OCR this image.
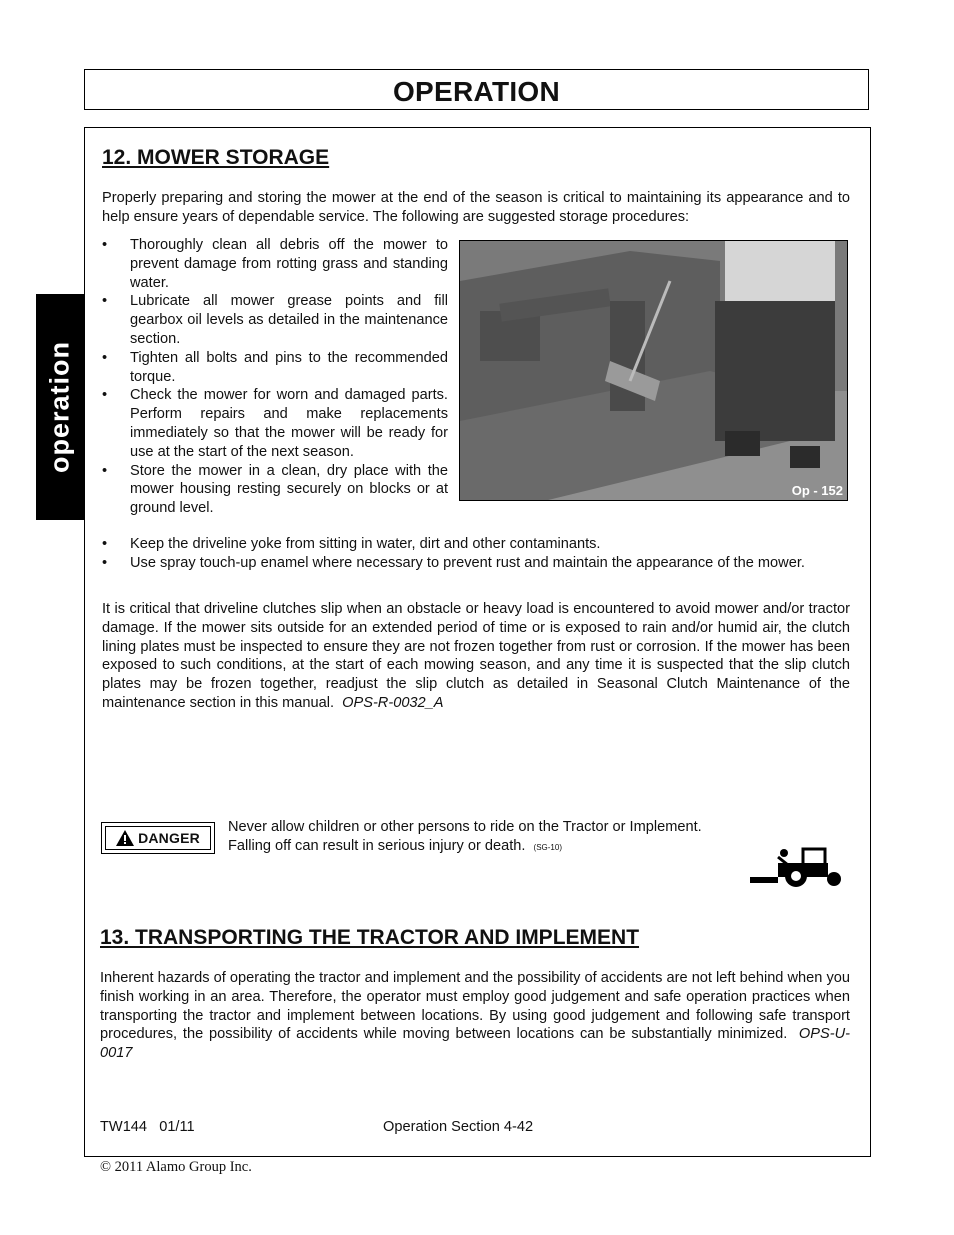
OPERATION
operation
12. MOWER STORAGE
Properly preparing and storing the mower at the end of the season is critical to maintaining its appearance and to help ensure years of dependable service. The following are suggested storage procedures:
• Thoroughly clean all debris off the mower to prevent damage from rotting grass and standing water.
• Lubricate all mower grease points and fill gearbox oil levels as detailed in the maintenance section.
• Tighten all bolts and pins to the recommended torque.
• Check the mower for worn and damaged parts. Perform repairs and make replacements immediately so that the mower will be ready for use at the start of the next season.
• Store the mower in a clean, dry place with the mower housing resting securely on blocks or at ground level.
• Keep the driveline yoke from sitting in water, dirt and other contaminants.
• Use spray touch-up enamel where necessary to prevent rust and maintain the appearance of the mower.
Op - 152
It is critical that driveline clutches slip when an obstacle or heavy load is encountered to avoid mower and/or tractor damage. If the mower sits outside for an extended period of time or is exposed to rain and/or humid air, the clutch lining plates must be inspected to ensure they are not frozen together from rust or corrosion. If the mower has been exposed to such conditions, at the start of each mowing season, and any time it is suspected that the slip clutch plates may be frozen together, readjust the slip clutch as detailed in Seasonal Clutch Maintenance of the maintenance section in this manual. OPS-R-0032_A
DANGER
Never allow children or other persons to ride on the Tractor or Implement.
Falling off can result in serious injury or death. (SG-10)
13. TRANSPORTING THE TRACTOR AND IMPLEMENT
Inherent hazards of operating the tractor and implement and the possibility of accidents are not left behind when you finish working in an area. Therefore, the operator must employ good judgement and safe operation practices when transporting the tractor and implement between locations. By using good judgement and following safe transport procedures, the possibility of accidents while moving between locations can be substantially minimized. OPS-U- 0017
TW144   01/11	Operation Section 4-42
© 2011 Alamo Group Inc.
